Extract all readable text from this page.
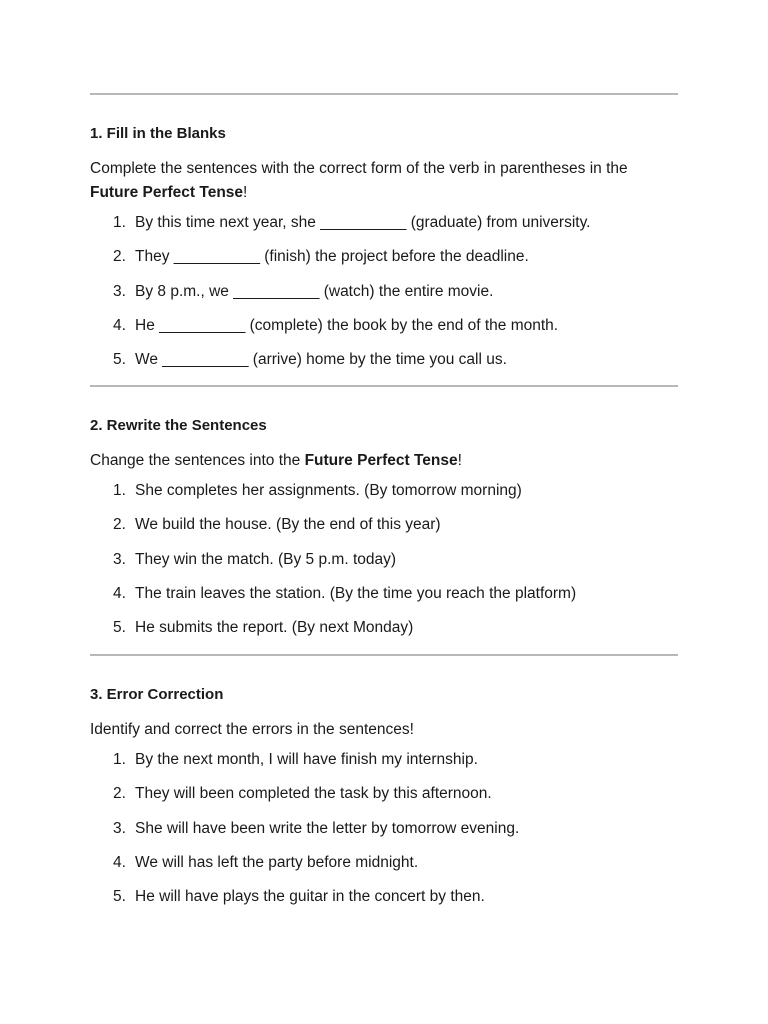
1. Fill in the Blanks

Complete the sentences with the correct form of the verb in parentheses in the Future Perfect Tense!

1. By this time next year, she __________ (graduate) from university.
2. They __________ (finish) the project before the deadline.
3. By 8 p.m., we __________ (watch) the entire movie.
4. He __________ (complete) the book by the end of the month.
5. We __________ (arrive) home by the time you call us.

2. Rewrite the Sentences

Change the sentences into the Future Perfect Tense!

1. She completes her assignments. (By tomorrow morning)
2. We build the house. (By the end of this year)
3. They win the match. (By 5 p.m. today)
4. The train leaves the station. (By the time you reach the platform)
5. He submits the report. (By next Monday)

3. Error Correction

Identify and correct the errors in the sentences!

1. By the next month, I will have finish my internship.
2. They will been completed the task by this afternoon.
3. She will have been write the letter by tomorrow evening.
4. We will has left the party before midnight.
5. He will have plays the guitar in the concert by then.
